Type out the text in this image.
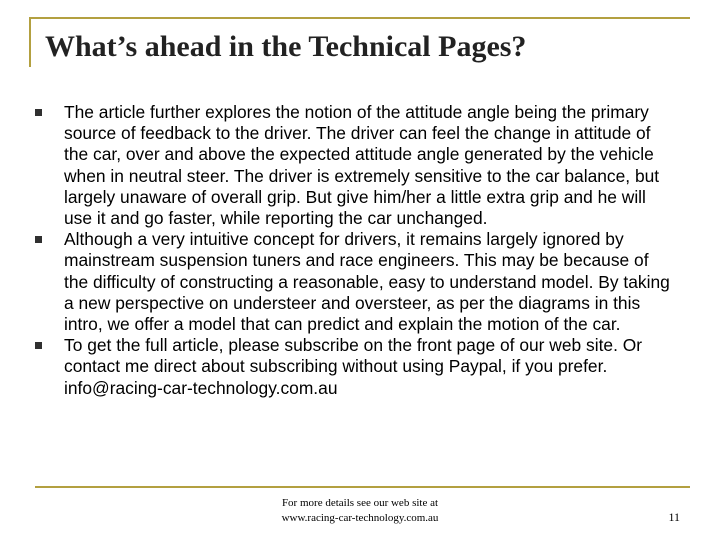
What’s ahead in the Technical Pages?
The article further explores the notion of the attitude angle being the primary source of feedback to the driver. The driver can feel the change in attitude of the car, over and above the expected attitude angle generated by the vehicle when in neutral steer. The driver is extremely sensitive to the car balance, but largely unaware of overall grip. But give him/her a little extra grip and he will use it and go faster, while reporting the car unchanged.
Although a very intuitive concept for drivers, it remains largely ignored by mainstream suspension tuners and race engineers. This may be because of the difficulty of constructing a reasonable, easy to understand model. By taking a new perspective on understeer and oversteer, as per the diagrams in this intro, we offer a model that can predict and explain the motion of the car.
To get the full article, please subscribe on the front page of our web site. Or contact me direct about subscribing without using Paypal, if you prefer. info@racing-car-technology.com.au
For more details see our web site at
www.racing-car-technology.com.au	11
